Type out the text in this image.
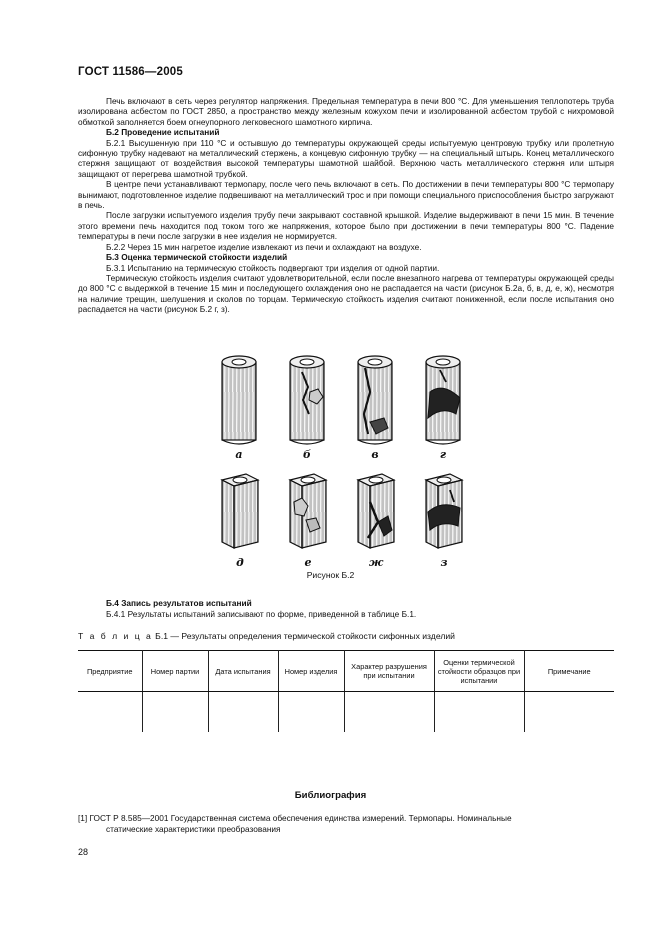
ГОСТ 11586—2005

Печь включают в сеть через регулятор напряжения. Предельная температура в печи 800 °С. Для уменьшения теплопотерь труба изолирована асбестом по ГОСТ 2850, а пространство между железным кожухом печи и изолированной асбестом трубой с нихромовой обмоткой заполняется боем огнеупорного легковесного шамотного кирпича.

Б.2 Проведение испытаний

Б.2.1 Высушенную при 110 °С и остывшую до температуры окружающей среды испытуемую центровую трубку или пролетную сифонную трубку надевают на металлический стержень, а концевую сифонную трубку — на специальный штырь. Конец металлического стержня защищают от воздействия высокой температуры шамотной шайбой. Верхнюю часть металлического стержня или штыря защищают от перегрева шамотной трубкой.

В центре печи устанавливают термопару, после чего печь включают в сеть. По достижении в печи температуры 800 °С термопару вынимают, подготовленное изделие подвешивают на металлический трос и при помощи специального приспособления быстро загружают в печь.

После загрузки испытуемого изделия трубу печи закрывают составной крышкой. Изделие выдерживают в печи 15 мин. В течение этого времени печь находится под током того же напряжения, которое было при достижении в печи температуры 800 °С. Падение температуры в печи после загрузки в нее изделия не нормируется.

Б.2.2 Через 15 мин нагретое изделие извлекают из печи и охлаждают на воздухе.

Б.3 Оценка термической стойкости изделий

Б.3.1 Испытанию на термическую стойкость подвергают три изделия от одной партии.

Термическую стойкость изделия считают удовлетворительной, если после внезапного нагрева от температуры окружающей среды до 800 °С с выдержкой в течение 15 мин и последующего охлаждения оно не распадается на части (рисунок Б.2а, б, в, д, е, ж), несмотря на наличие трещин, шелушения и сколов по торцам. Термическую стойкость изделия считают пониженной, если после испытания оно распадается на части (рисунок Б.2 г, з).

а	б	в	г
д	е	ж	з
Рисунок Б.2
Б.4 Запись результатов испытаний
Б.4.1 Результаты испытаний записывают по форме, приведенной в таблице Б.1.
Т а б л и ц а Б.1 — Результаты определения термической стойкости сифонных изделий
Предприятие	Номер партии	Дата испытания	Номер изделия	Характер разрушения при испытании	Оценки термической стойкости образцов при испытании	Примечание

Библиография
[1] ГОСТ Р 8.585—2001 Государственная система обеспечения единства измерений. Термопары. Номинальные
статические характеристики преобразования
28
